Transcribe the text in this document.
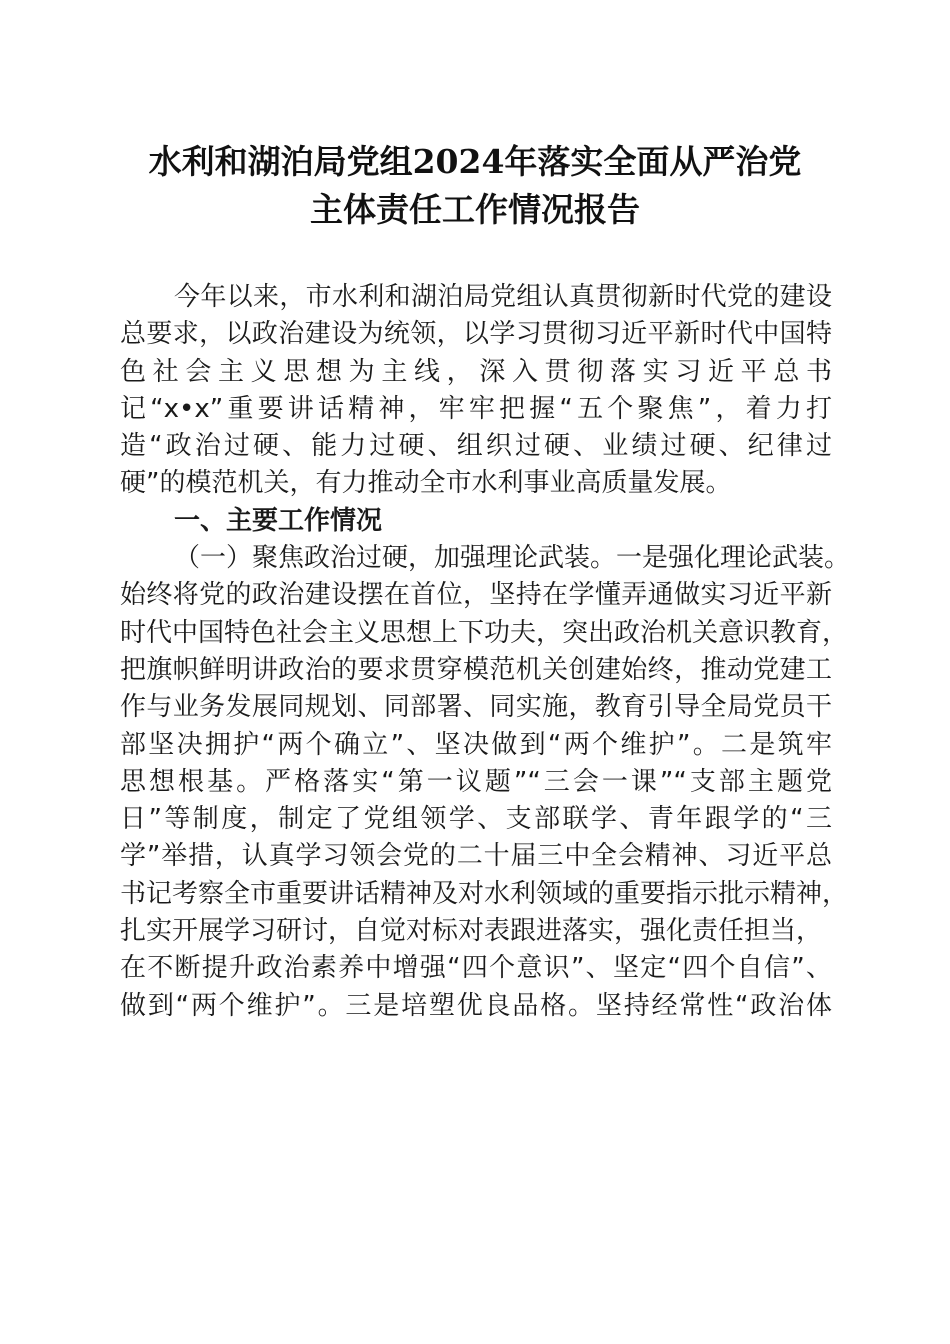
水利和湖泊局党组2024年落实全面从严治党
主体责任工作情况报告
今年以来，市水利和湖泊局党组认真贯彻新时代党的建设
总要求，以政治建设为统领，以学习贯彻习近平新时代中国特
色社会主义思想为主线，深入贯彻落实习近平总书
记“x•x”重要讲话精神，牢牢把握“五个聚焦”，着力打
造“政治过硬、能力过硬、组织过硬、业绩过硬、纪律过
硬”的模范机关，有力推动全市水利事业高质量发展。
一、主要工作情况
（一）聚焦政治过硬，加强理论武装。一是强化理论武装。
始终将党的政治建设摆在首位，坚持在学懂弄通做实习近平新
时代中国特色社会主义思想上下功夫，突出政治机关意识教育，
把旗帜鲜明讲政治的要求贯穿模范机关创建始终，推动党建工
作与业务发展同规划、同部署、同实施，教育引导全局党员干
部坚决拥护“两个确立”、坚决做到“两个维护”。二是筑牢
思想根基。严格落实“第一议题”“三会一课”“支部主题党
日”等制度，制定了党组领学、支部联学、青年跟学的“三
学”举措，认真学习领会党的二十届三中全会精神、习近平总
书记考察全市重要讲话精神及对水利领域的重要指示批示精神，
扎实开展学习研讨，自觉对标对表跟进落实，强化责任担当，
在不断提升政治素养中增强“四个意识”、坚定“四个自信”、
做到“两个维护”。三是培塑优良品格。坚持经常性“政治体
